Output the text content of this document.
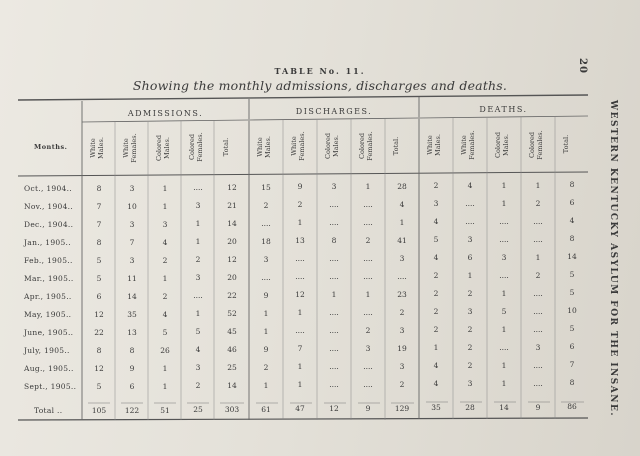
20
WESTERN KENTUCKY ASYLUM FOR THE INSANE.
TABLE No. 11.
Showing the monthly admissions, discharges and deaths.
ADMISSIONS.	DISCHARGES.	DEATHS.
Months.	White Males.	White Females.	Colored Males.	Colored Females.	Total.	White Males.	White Females.	Colored Males.	Colored Females.	Total.	White Males.	White Females.	Colored Males.	Colored Females.	Total.
Oct., 1904..	8	3	1	....	12	15	9	3	1	28	2	4	1	1	8
Nov., 1904..	7	10	1	3	21	2	2	....	....	4	3	....	1	2	6
Dec., 1904..	7	3	3	1	14	....	1	....	....	1	4	....	....	....	4
Jan., 1905..	8	7	4	1	20	18	13	8	2	41	5	3	....	....	8
Feb., 1905..	5	3	2	2	12	3	....	....	....	3	4	6	3	1	14
Mar., 1905..	5	11	1	3	20	....	....	....	....	....	2	1	....	2	5
Apr., 1905..	6	14	2	....	22	9	12	1	1	23	2	2	1	....	5
May, 1905..	12	35	4	1	52	1	1	....	....	2	2	3	5	....	10
June, 1905..	22	13	5	5	45	1	....	....	2	3	2	2	1	....	5
July, 1905..	8	8	26	4	46	9	7	....	3	19	1	2	....	3	6
Aug., 1905..	12	9	1	3	25	2	1	....	....	3	4	2	1	....	7
Sept., 1905..	5	6	1	2	14	1	1	....	....	2	4	3	1	....	8
Total ..	105	122	51	25	303	61	47	12	9	129	35	28	14	9	86
